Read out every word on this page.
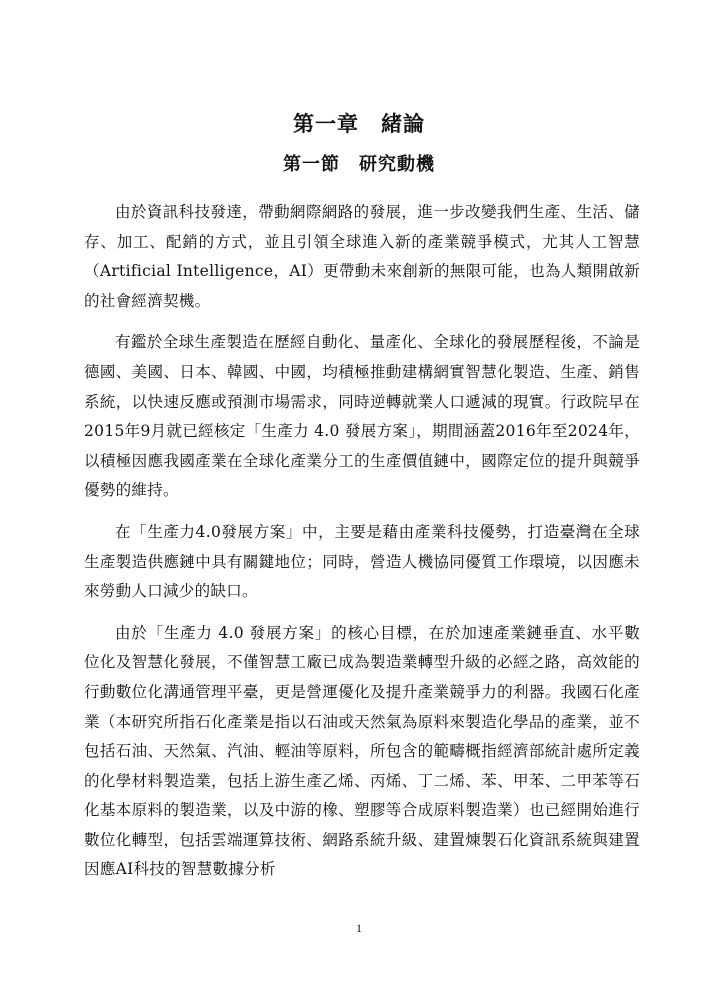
第一章　緒論
第一節　研究動機

由於資訊科技發達，帶動網際網路的發展，進一步改變我們生產、生活、儲存、加工、配銷的方式，並且引領全球進入新的產業競爭模式，尤其人工智慧（Artificial Intelligence，AI）更帶動未來創新的無限可能，也為人類開啟新的社會經濟契機。

有鑑於全球生產製造在歷經自動化、量產化、全球化的發展歷程後，不論是德國、美國、日本、韓國、中國，均積極推動建構網實智慧化製造、生產、銷售系統，以快速反應或預測市場需求，同時逆轉就業人口遞減的現實。行政院早在2015年9月就已經核定「生產力 4.0 發展方案」，期間涵蓋2016年至2024年，以積極因應我國產業在全球化產業分工的生產價值鏈中，國際定位的提升與競爭優勢的維持。

在「生產力4.0發展方案」中，主要是藉由產業科技優勢，打造臺灣在全球生產製造供應鏈中具有關鍵地位；同時，營造人機協同優質工作環境，以因應未來勞動人口減少的缺口。

由於「生產力 4.0 發展方案」的核心目標，在於加速產業鏈垂直、水平數位化及智慧化發展，不僅智慧工廠已成為製造業轉型升級的必經之路，高效能的行動數位化溝通管理平臺，更是營運優化及提升產業競爭力的利器。我國石化產業（本研究所指石化產業是指以石油或天然氣為原料來製造化學品的產業，並不包括石油、天然氣、汽油、輕油等原料，所包含的範疇概指經濟部統計處所定義的化學材料製造業，包括上游生產乙烯、丙烯、丁二烯、苯、甲苯、二甲苯等石化基本原料的製造業，以及中游的橡、塑膠等合成原料製造業）也已經開始進行數位化轉型，包括雲端運算技術、網路系統升級、建置煉製石化資訊系統與建置因應AI科技的智慧數據分析

1
